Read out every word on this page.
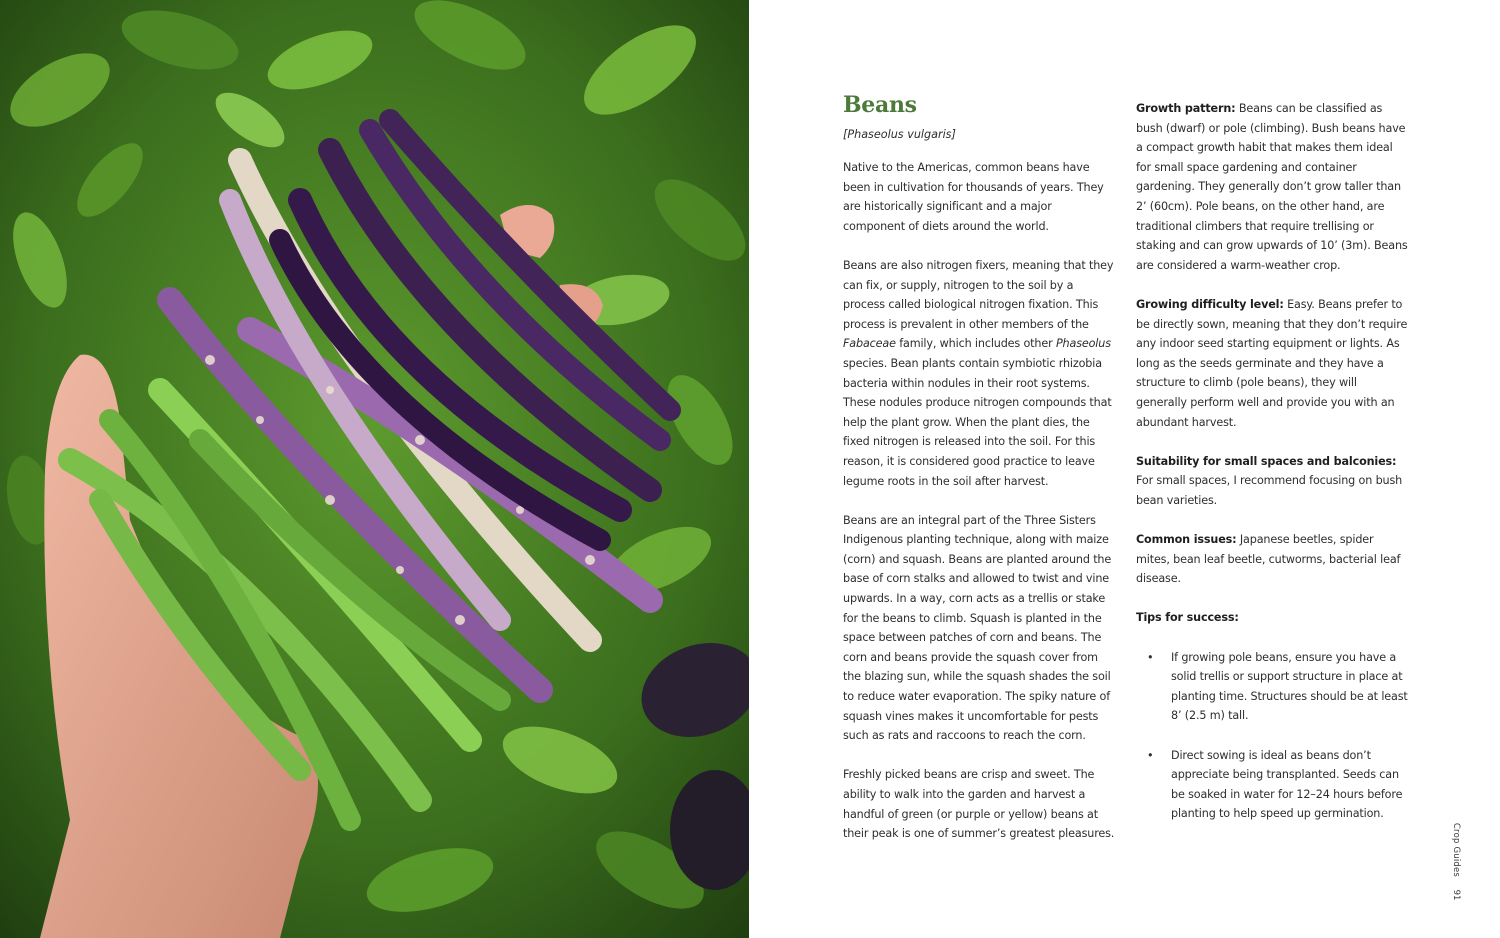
Beans

[Phaseolus vulgaris]

Native to the Americas, common beans have been in cultivation for thousands of years. They are historically significant and a major component of diets around the world.

Beans are also nitrogen fixers, meaning that they can fix, or supply, nitrogen to the soil by a process called biological nitrogen fixation. This process is prevalent in other members of the Fabaceae family, which includes other Phaseolus species. Bean plants contain symbiotic rhizobia bacteria within nodules in their root systems. These nodules produce nitrogen compounds that help the plant grow. When the plant dies, the fixed nitrogen is released into the soil. For this reason, it is considered good practice to leave legume roots in the soil after harvest.

Beans are an integral part of the Three Sisters Indigenous planting technique, along with maize (corn) and squash. Beans are planted around the base of corn stalks and allowed to twist and vine upwards. In a way, corn acts as a trellis or stake for the beans to climb. Squash is planted in the space between patches of corn and beans. The corn and beans provide the squash cover from the blazing sun, while the squash shades the soil to reduce water evaporation. The spiky nature of squash vines makes it uncomfortable for pests such as rats and raccoons to reach the corn.

Freshly picked beans are crisp and sweet. The ability to walk into the garden and harvest a handful of green (or purple or yellow) beans at their peak is one of summer’s greatest pleasures.

Growth pattern: Beans can be classified as bush (dwarf) or pole (climbing). Bush beans have a compact growth habit that makes them ideal for small space gardening and container gardening. They generally don’t grow taller than 2’ (60cm). Pole beans, on the other hand, are traditional climbers that require trellising or staking and can grow upwards of 10’ (3m). Beans are considered a warm-weather crop.

Growing difficulty level: Easy. Beans prefer to be directly sown, meaning that they don’t require any indoor seed starting equipment or lights. As long as the seeds germinate and they have a structure to climb (pole beans), they will generally perform well and provide you with an abundant harvest.

Suitability for small spaces and balconies:

For small spaces, I recommend focusing on bush bean varieties.

Common issues: Japanese beetles, spider mites, bean leaf beetle, cutworms, bacterial leaf disease.

Tips for success:

• If growing pole beans, ensure you have a solid trellis or support structure in place at planting time. Structures should be at least 8’ (2.5 m) tall.
• Direct sowing is ideal as beans don’t appreciate being transplanted. Seeds can be soaked in water for 12–24 hours before planting to help speed up germination.
Crop Guides
91
